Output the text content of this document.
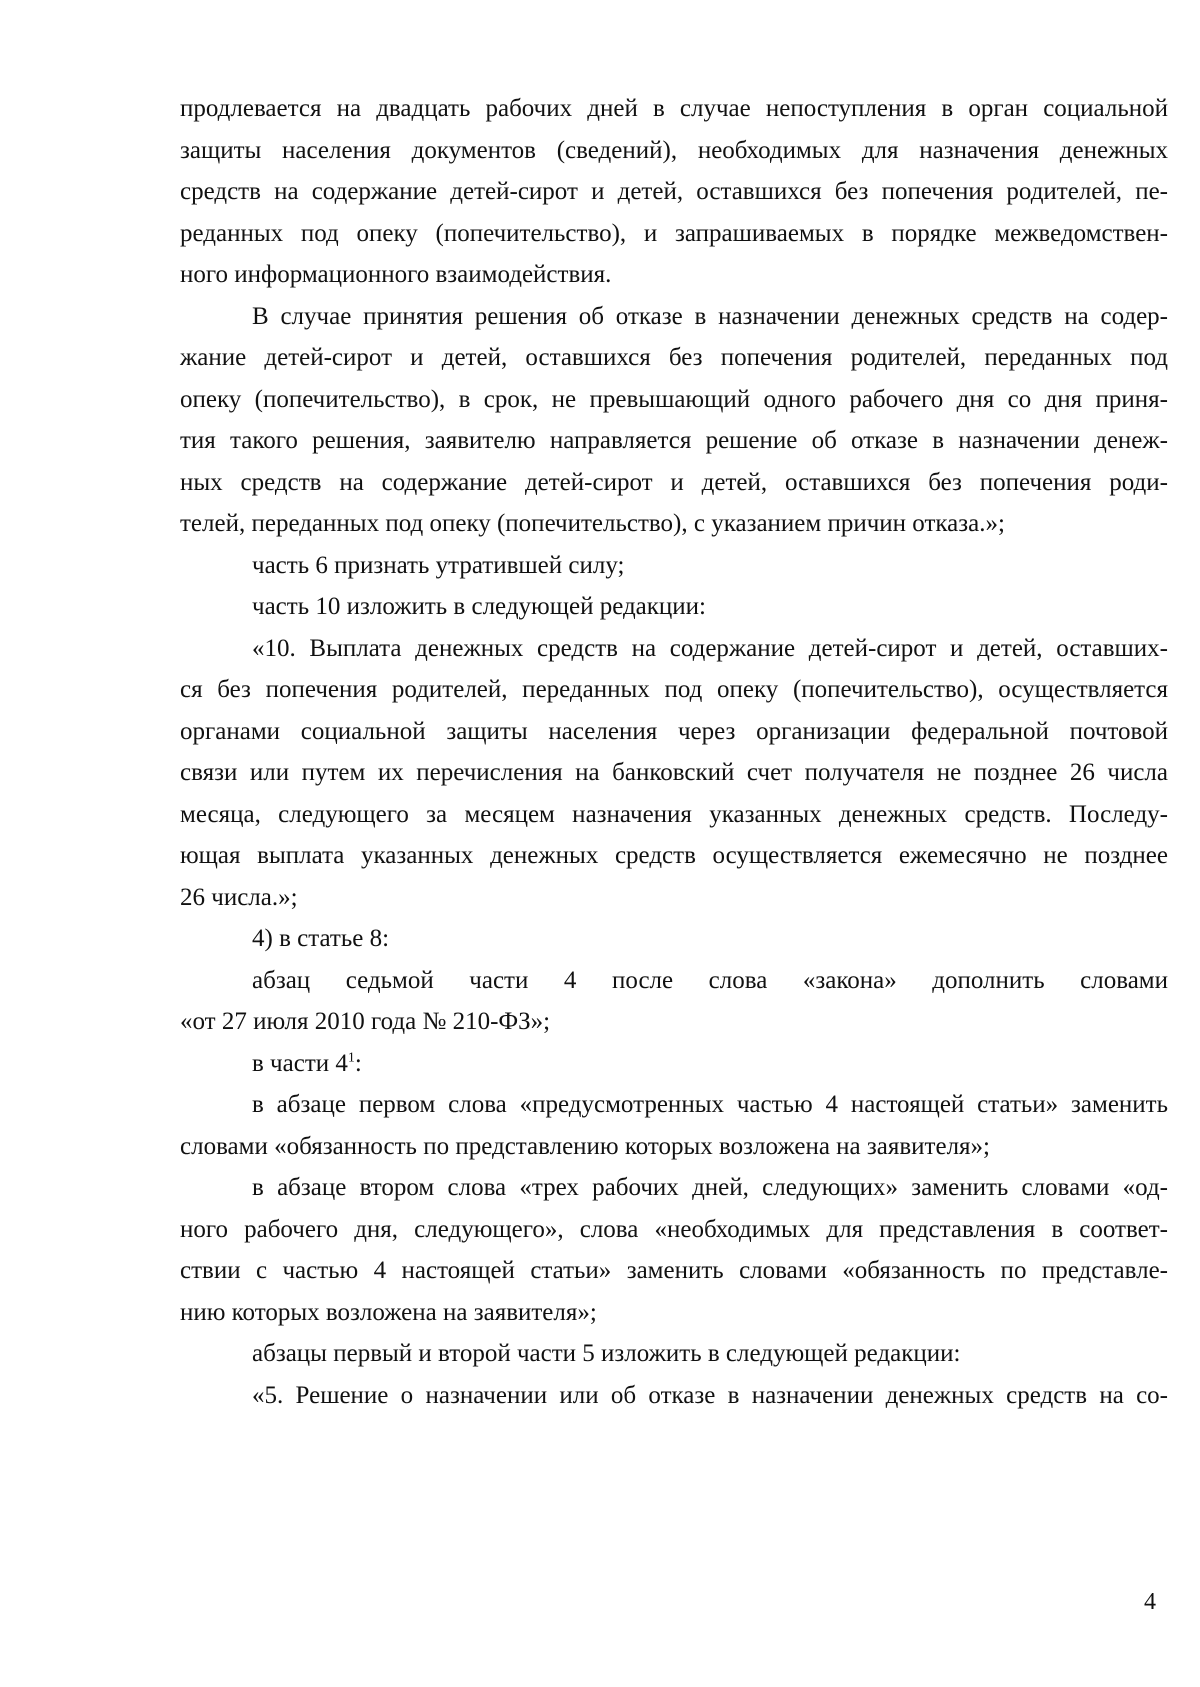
продлевается на двадцать рабочих дней в случае непоступления в орган социальной
защиты населения документов (сведений), необходимых для назначения денежных
средств на содержание детей-сирот и детей, оставшихся без попечения родителей, пе-
реданных под опеку (попечительство), и запрашиваемых в порядке межведомствен-
ного информационного взаимодействия.
В случае принятия решения об отказе в назначении денежных средств на содер-
жание детей-сирот и детей, оставшихся без попечения родителей, переданных под
опеку (попечительство), в срок, не превышающий одного рабочего дня со дня приня-
тия такого решения, заявителю направляется решение об отказе в назначении денеж-
ных средств на содержание детей-сирот и детей, оставшихся без попечения роди-
телей, переданных под опеку (попечительство), с указанием причин отказа.»;
часть 6 признать утратившей силу;
часть 10 изложить в следующей редакции:
«10. Выплата денежных средств на содержание детей-сирот и детей, оставших-
ся без попечения родителей, переданных под опеку (попечительство), осуществляется
органами социальной защиты населения через организации федеральной почтовой
связи или путем их перечисления на банковский счет получателя не позднее 26 числа
месяца, следующего за месяцем назначения указанных денежных средств. Последу-
ющая выплата указанных денежных средств осуществляется ежемесячно не позднее
26 числа.»;
4) в статье 8:
абзац седьмой части 4 после слова «закона» дополнить словами
«от 27 июля 2010 года № 210-ФЗ»;
в части $4^1$:
в абзаце первом слова «предусмотренных частью 4 настоящей статьи» заменить
словами «обязанность по представлению которых возложена на заявителя»;
в абзаце втором слова «трех рабочих дней, следующих» заменить словами «од-
ного рабочего дня, следующего», слова «необходимых для представления в соответ-
ствии с частью 4 настоящей статьи» заменить словами «обязанность по представле-
нию которых возложена на заявителя»;
абзацы первый и второй части 5 изложить в следующей редакции:
«5. Решение о назначении или об отказе в назначении денежных средств на со-
4
